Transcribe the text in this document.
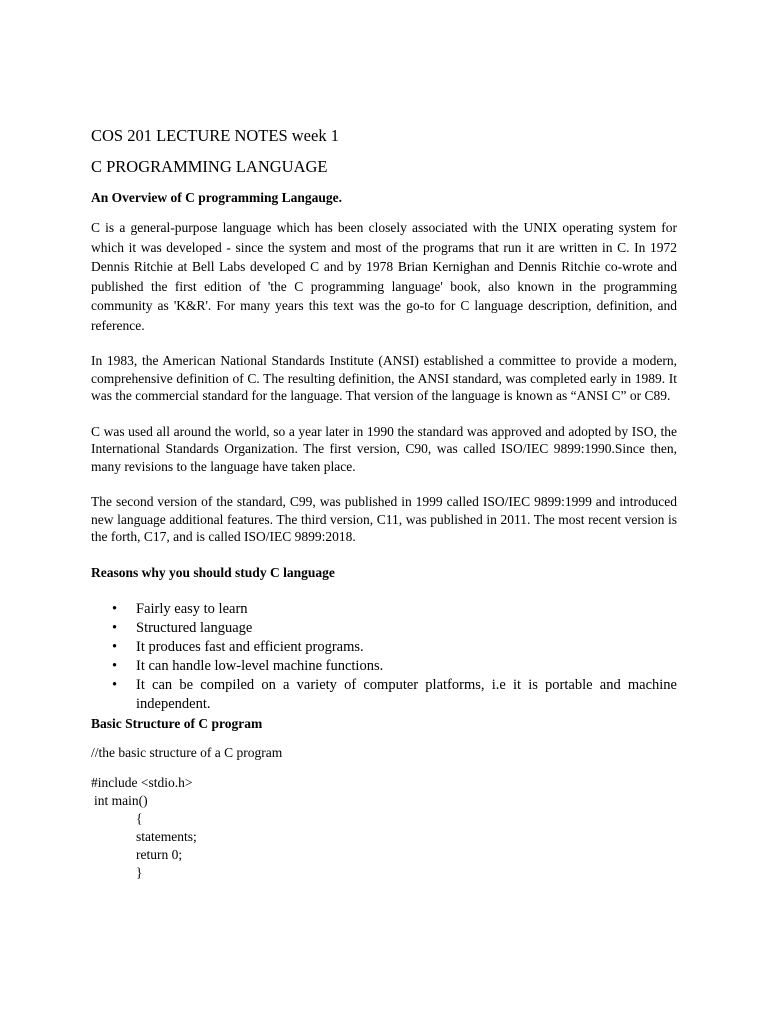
COS 201 LECTURE NOTES week 1
C PROGRAMMING LANGUAGE
An Overview of C programming Langauge.

C is a general-purpose language which has been closely associated with the UNIX operating system for which it was developed - since the system and most of the programs that run it are written in C. In 1972 Dennis Ritchie at Bell Labs developed C and by 1978 Brian Kernighan and Dennis Ritchie co-wrote and published the first edition of 'the C programming language' book, also known in the programming community as 'K&R'. For many years this text was the go-to for C language description, definition, and reference.

In 1983, the American National Standards Institute (ANSI) established a committee to provide a modern, comprehensive definition of C. The resulting definition, the ANSI standard, was completed early in 1989. It was the commercial standard for the language. That version of the language is known as “ANSI C” or C89.

C was used all around the world, so a year later in 1990 the standard was approved and adopted by ISO, the International Standards Organization. The first version, C90, was called ISO/IEC 9899:1990.Since then, many revisions to the language have taken place.

The second version of the standard, C99, was published in 1999 called ISO/IEC 9899:1999 and introduced new language additional features. The third version, C11, was published in 2011. The most recent version is the forth, C17, and is called ISO/IEC 9899:2018.

Reasons why you should study C language
• Fairly easy to learn
• Structured language
• It produces fast and efficient programs.
• It can handle low-level machine functions.
• It can be compiled on a variety of computer platforms, i.e it is portable and machine independent.
Basic Structure of C program
//the basic structure of a C program
#include <stdio.h>
int main()
{
statements;
return 0;
}
